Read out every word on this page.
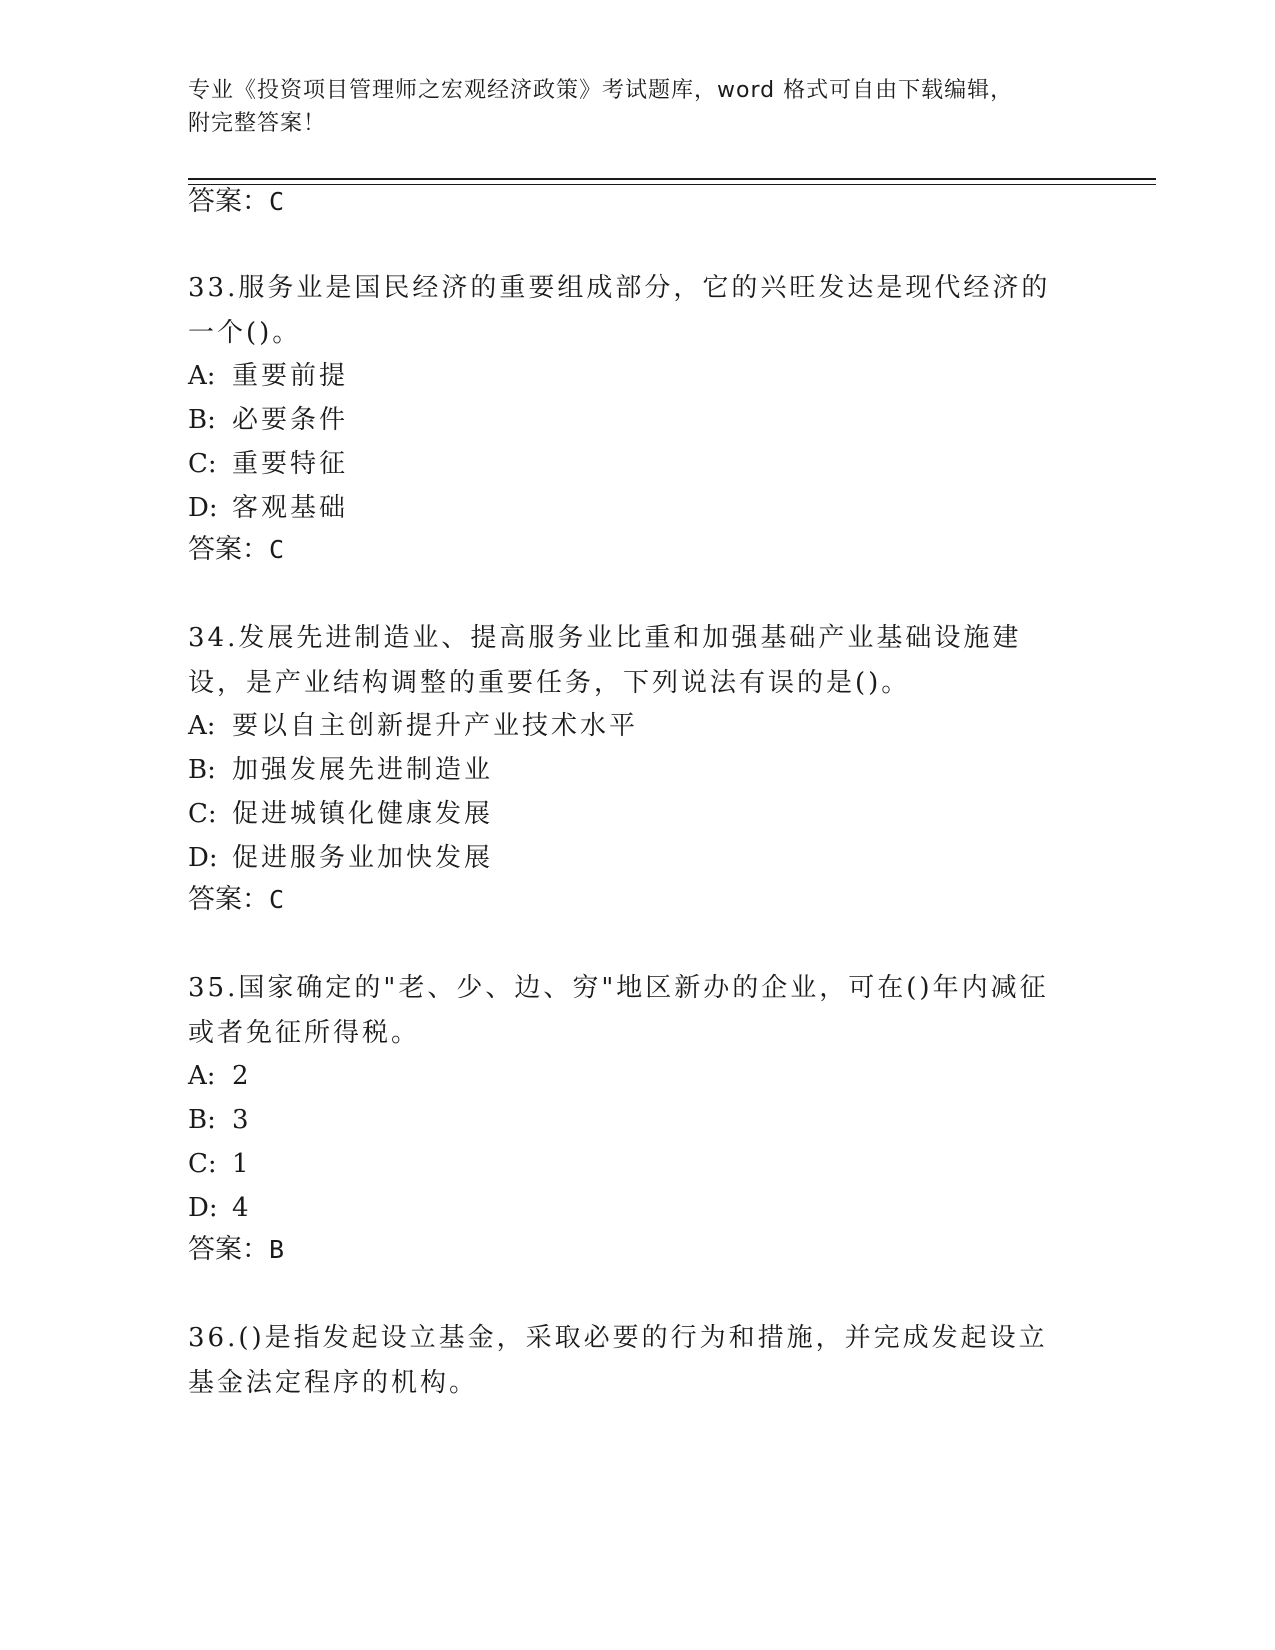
专业《投资项目管理师之宏观经济政策》考试题库，word 格式可自由下载编辑，
附完整答案！
答案：C
33.服务业是国民经济的重要组成部分，它的兴旺发达是现代经济的一个()。
A: 重要前提
B: 必要条件
C: 重要特征
D: 客观基础
答案：C
34.发展先进制造业、提高服务业比重和加强基础产业基础设施建设，是产业结构调整的重要任务，下列说法有误的是()。
A: 要以自主创新提升产业技术水平
B: 加强发展先进制造业
C: 促进城镇化健康发展
D: 促进服务业加快发展
答案：C
35.国家确定的"老、少、边、穷"地区新办的企业，可在()年内减征或者免征所得税。
A: 2
B: 3
C: 1
D: 4
答案：B
36.()是指发起设立基金，采取必要的行为和措施，并完成发起设立基金法定程序的机构。
